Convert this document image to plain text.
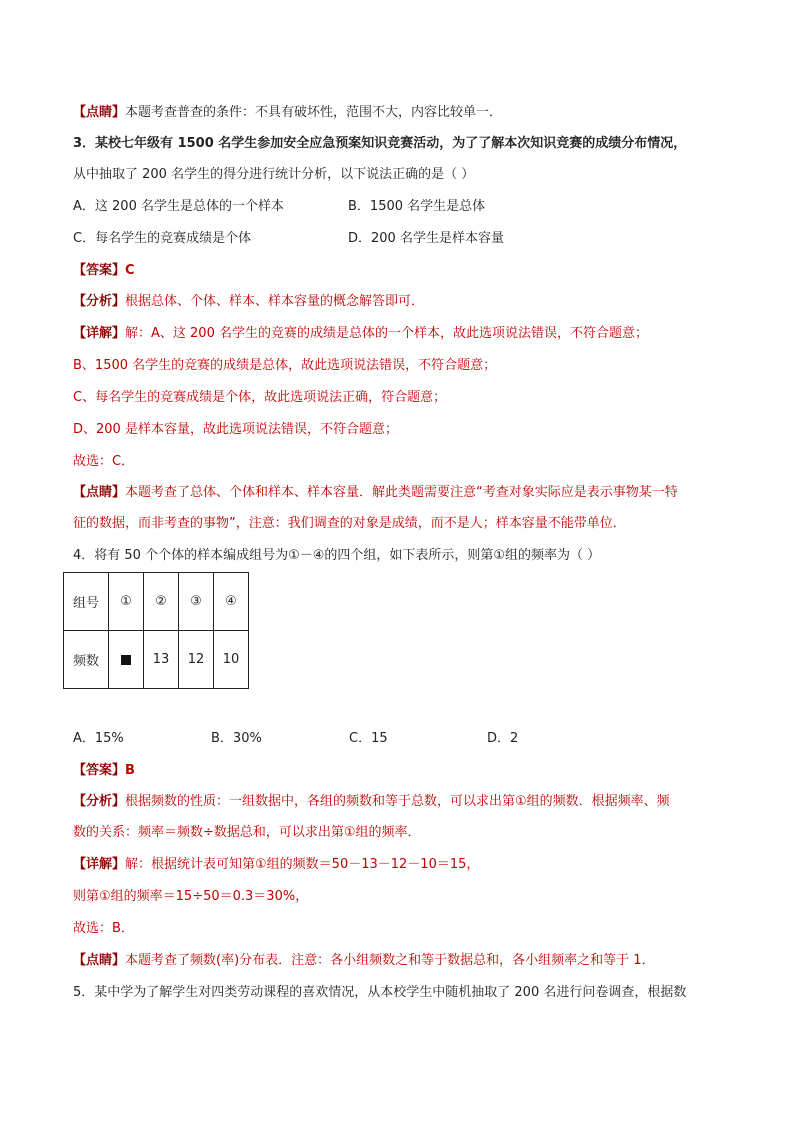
【点睛】本题考查普查的条件：不具有破坏性，范围不大，内容比较单一．
3．某校七年级有 1500 名学生参加安全应急预案知识竞赛活动，为了了解本次知识竞赛的成绩分布情况，
从中抽取了 200 名学生的得分进行统计分析，以下说法正确的是（ ）
A．这 200 名学生是总体的一个样本	B．1500 名学生是总体
C．每名学生的竞赛成绩是个体	D．200 名学生是样本容量
【答案】C
【分析】根据总体、个体、样本、样本容量的概念解答即可．
【详解】解：A、这 200 名学生的竞赛的成绩是总体的一个样本，故此选项说法错误，不符合题意；
B、1500 名学生的竞赛的成绩是总体，故此选项说法错误，不符合题意；
C、每名学生的竞赛成绩是个体，故此选项说法正确，符合题意；
D、200 是样本容量，故此选项说法错误，不符合题意；
故选：C．
【点睛】本题考查了总体、个体和样本、样本容量．解此类题需要注意“考查对象实际应是表示事物某一特
征的数据，而非考查的事物”，注意：我们调查的对象是成绩，而不是人；样本容量不能带单位．
4．将有 50 个个体的样本编成组号为①－④的四个组，如下表所示，则第①组的频率为（ ）
组号	①	②	③	④
频数		13	12	10
A．15%	B．30%	C．15	D．2
【答案】B
【分析】根据频数的性质：一组数据中，各组的频数和等于总数，可以求出第①组的频数．根据频率、频
数的关系：频率＝频数÷数据总和，可以求出第①组的频率．
【详解】解：根据统计表可知第①组的频数＝50－13－12－10＝15，
则第①组的频率＝15÷50＝0.3＝30%，
故选：B．
【点睛】本题考查了频数(率)分布表．注意：各小组频数之和等于数据总和，各小组频率之和等于 1．
5．某中学为了解学生对四类劳动课程的喜欢情况，从本校学生中随机抽取了 200 名进行问卷调查，根据数
